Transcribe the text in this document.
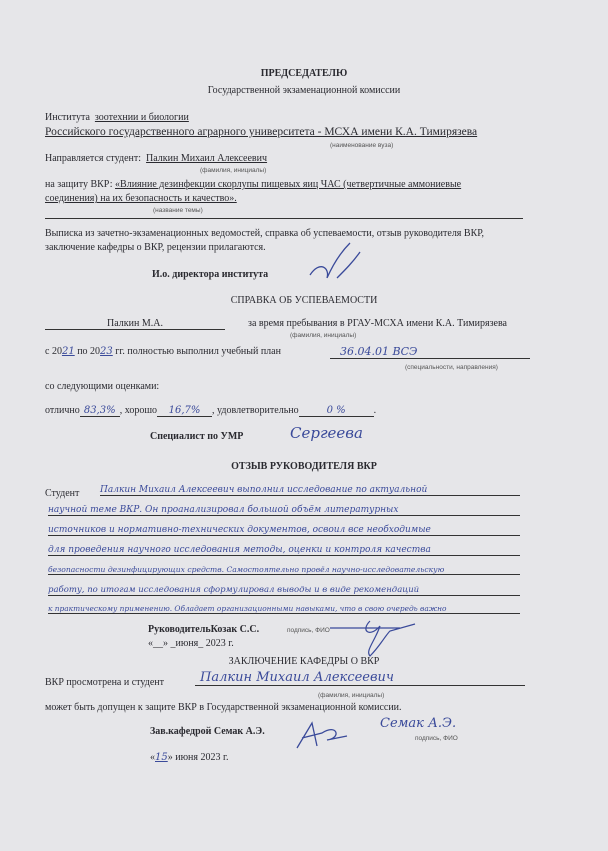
ПРЕДСЕДАТЕЛЮ
Государственной экзаменационной комиссии
Института зоотехнии и биологии
Российского государственного аграрного университета - МСХА имени К.А. Тимирязева
(наименование вуза)
Направляется студент: Палкин Михаил Алексеевич
(фамилия, инициалы)
на защиту ВКР: «Влияние дезинфекции скорлупы пищевых яиц ЧАС (четвертичные аммониевые
соединения) на их безопасность и качество».
(название темы)
Выписка из зачетно-экзаменационных ведомостей, справка об успеваемости, отзыв руководителя ВКР,
заключение кафедры о ВКР, рецензии прилагаются.
И.о. директора института
СПРАВКА ОБ УСПЕВАЕМОСТИ
Палкин М.А.	за время пребывания в РГАУ-МСХА имени К.А. Тимирязева
(фамилия, инициалы)
с 2021 по 2023 гг. полностью выполнил учебный план	36.04.01 ВСЭ
(специальности, направления)
со следующими оценками:
отлично 83,3% , хорошо 16,7% , удовлетворительно	0 %	.
Специалист по УМР	Сергеева
ОТЗЫВ РУКОВОДИТЕЛЯ ВКР
Студент Палкин Михаил Алексеевич выполнил исследование по актуальной
научной теме ВКР. Он проанализировал большой объём литературных
источников и нормативно-технических документов, освоил все необходимые
для проведения научного исследования методы, оценки и контроля качества
безопасности дезинфицирующих средств. Самостоятельно провёл научно-исследовательскую
работу, по итогам исследования сформулировал выводы и в виде рекомендаций
к практическому применению. Обладает организационными навыками, что в свою очередь важно
РуководительКозак С.С.	подпись, ФИО
«__» _июня_ 2023 г.
ЗАКЛЮЧЕНИЕ КАФЕДРЫ О ВКР
ВКР просмотрена и студент	Палкин Михаил Алексеевич
(фамилия, инициалы)
может быть допущен к защите ВКР в Государственной экзаменационной комиссии.
Зав.кафедрой Семак А.Э.
Семак А.Э.
подпись, ФИО
«15» июня 2023 г.
